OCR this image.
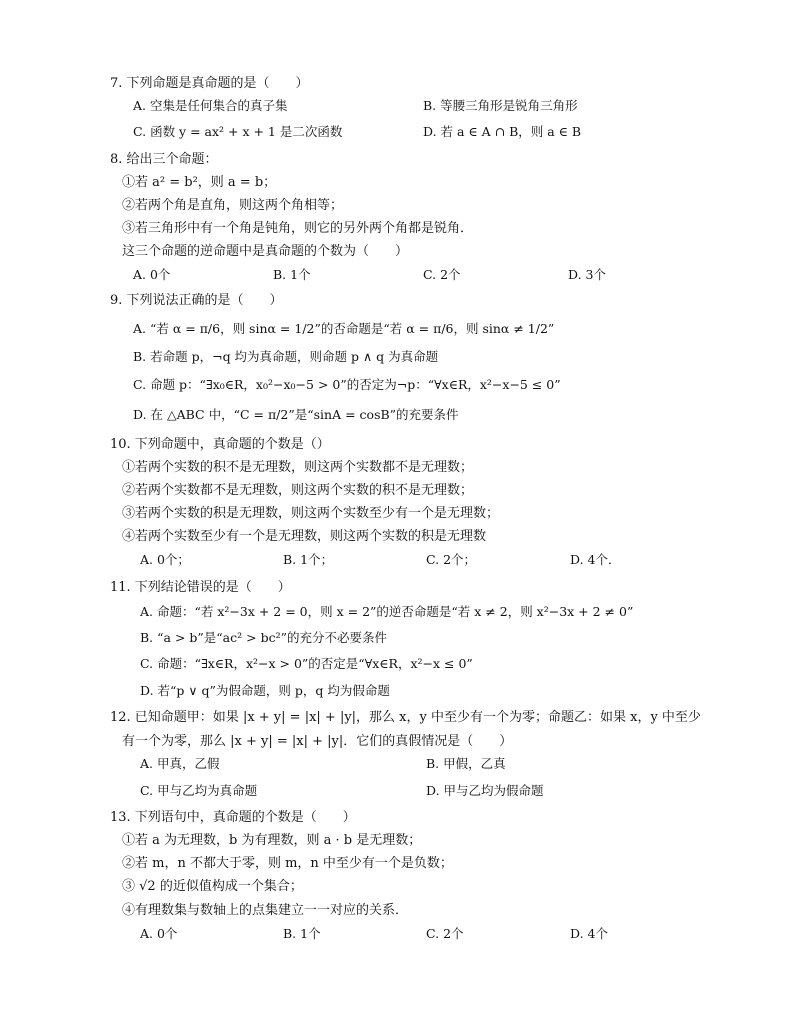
7. 下列命题是真命题的是（　　）
A. 空集是任何集合的真子集	B. 等腰三角形是锐角三角形
C. 函数 y = ax² + x + 1 是二次函数	D. 若 a ∈ A ∩ B，则 a ∈ B
8. 给出三个命题：
①若 a² = b²，则 a = b；
②若两个角是直角，则这两个角相等；
③若三角形中有一个角是钝角，则它的另外两个角都是锐角．
这三个命题的逆命题中是真命题的个数为（　　）
A. 0个	B. 1个	C. 2个	D. 3个
9. 下列说法正确的是（　　）
A. “若 α = π/6，则 sinα = 1/2”的否命题是“若 α = π/6，则 sinα ≠ 1/2”
B. 若命题 p，¬q 均为真命题，则命题 p ∧ q 为真命题
C. 命题 p：“∃x₀∈R，x₀²−x₀−5 > 0”的否定为¬p：“∀x∈R，x²−x−5 ≤ 0”
D. 在 △ABC 中，“C = π/2”是“sinA = cosB”的充要条件
10. 下列命题中，真命题的个数是（）
①若两个实数的积不是无理数，则这两个实数都不是无理数；
②若两个实数都不是无理数，则这两个实数的积不是无理数；
③若两个实数的积是无理数，则这两个实数至少有一个是无理数；
④若两个实数至少有一个是无理数，则这两个实数的积是无理数
A. 0个；	B. 1个；	C. 2个；	D. 4个．
11. 下列结论错误的是（　　）
A. 命题：“若 x²−3x + 2 = 0，则 x = 2”的逆否命题是“若 x ≠ 2，则 x²−3x + 2 ≠ 0”
B. “a > b”是“ac² > bc²”的充分不必要条件
C. 命题：“∃x∈R，x²−x > 0”的否定是“∀x∈R，x²−x ≤ 0”
D. 若“p ∨ q”为假命题，则 p，q 均为假命题
12. 已知命题甲：如果 |x + y| = |x| + |y|，那么 x，y 中至少有一个为零；命题乙：如果 x，y 中至少
有一个为零，那么 |x + y| = |x| + |y|．它们的真假情况是（　　）
A. 甲真，乙假	B. 甲假，乙真
C. 甲与乙均为真命题	D. 甲与乙均为假命题
13. 下列语句中，真命题的个数是（　　）
①若 a 为无理数，b 为有理数，则 a · b 是无理数；
②若 m，n 不都大于零，则 m，n 中至少有一个是负数；
③ √2 的近似值构成一个集合；
④有理数集与数轴上的点集建立一一对应的关系．
A. 0个	B. 1个	C. 2个	D. 4个
